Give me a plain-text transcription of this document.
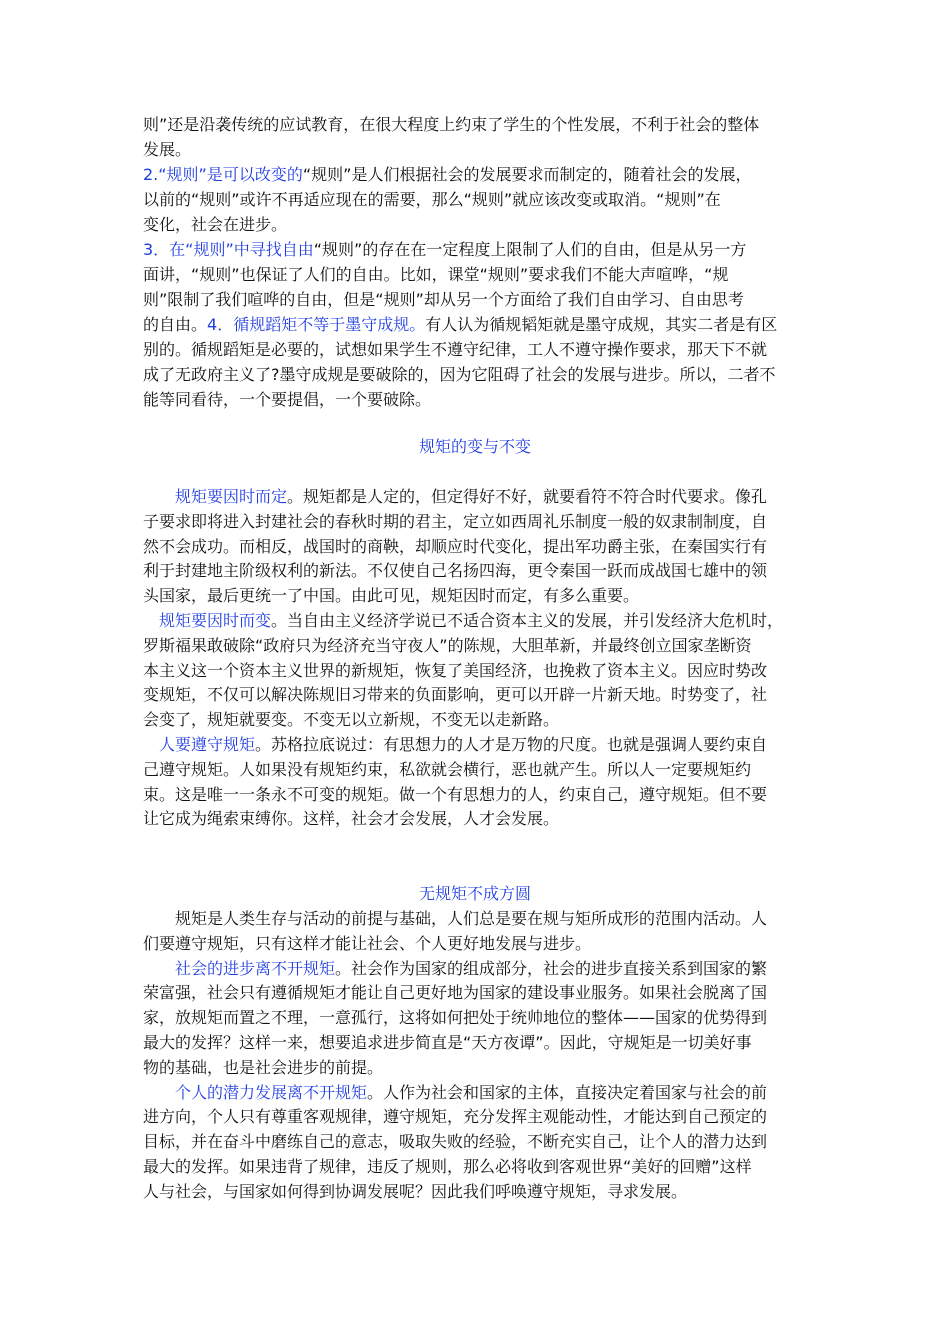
则”还是沿袭传统的应试教育，在很大程度上约束了学生的个性发展，不利于社会的整体
发展。
2.“规则”是可以改变的“规则”是人们根据社会的发展要求而制定的，随着社会的发展，
以前的“规则”或许不再适应现在的需要，那么“规则”就应该改变或取消。“规则”在
变化，社会在进步。
3．在“规则”中寻找自由“规则”的存在在一定程度上限制了人们的自由，但是从另一方
面讲，“规则”也保证了人们的自由。比如，课堂“规则”要求我们不能大声喧哗，“规
则”限制了我们喧哗的自由，但是“规则”却从另一个方面给了我们自由学习、自由思考
的自由。4．循规蹈矩不等于墨守成规。有人认为循规韬矩就是墨守成规，其实二者是有区
别的。循规蹈矩是必要的，试想如果学生不遵守纪律，工人不遵守操作要求，那天下不就
成了无政府主义了?墨守成规是要破除的，因为它阻碍了社会的发展与进步。所以，二者不
能等同看待，一个要提倡，一个要破除。
规矩的变与不变
　　规矩要因时而定。规矩都是人定的，但定得好不好，就要看符不符合时代要求。像孔
子要求即将进入封建社会的春秋时期的君主，定立如西周礼乐制度一般的奴隶制制度，自
然不会成功。而相反，战国时的商鞅，却顺应时代变化，提出军功爵主张，在秦国实行有
利于封建地主阶级权利的新法。不仅使自己名扬四海，更令秦国一跃而成战国七雄中的领
头国家，最后更统一了中国。由此可见，规矩因时而定，有多么重要。
　规矩要因时而变。当自由主义经济学说已不适合资本主义的发展，并引发经济大危机时，
罗斯福果敢破除“政府只为经济充当守夜人”的陈规，大胆革新，并最终创立国家垄断资
本主义这一个资本主义世界的新规矩，恢复了美国经济，也挽救了资本主义。因应时势改
变规矩，不仅可以解决陈规旧习带来的负面影响，更可以开辟一片新天地。时势变了，社
会变了，规矩就要变。不变无以立新规，不变无以走新路。
　人要遵守规矩。苏格拉底说过：有思想力的人才是万物的尺度。也就是强调人要约束自
己遵守规矩。人如果没有规矩约束，私欲就会横行，恶也就产生。所以人一定要规矩约
束。这是唯一一条永不可变的规矩。做一个有思想力的人，约束自己，遵守规矩。但不要
让它成为绳索束缚你。这样，社会才会发展，人才会发展。
无规矩不成方圆
　　规矩是人类生存与活动的前提与基础，人们总是要在规与矩所成形的范围内活动。人
们要遵守规矩，只有这样才能让社会、个人更好地发展与进步。
　　社会的进步离不开规矩。社会作为国家的组成部分，社会的进步直接关系到国家的繁
荣富强，社会只有遵循规矩才能让自己更好地为国家的建设事业服务。如果社会脱离了国
家，放规矩而置之不理，一意孤行，这将如何把处于统帅地位的整体——国家的优势得到
最大的发挥？这样一来，想要追求进步简直是“天方夜谭”。因此，守规矩是一切美好事
物的基础，也是社会进步的前提。
　　个人的潜力发展离不开规矩。人作为社会和国家的主体，直接决定着国家与社会的前
进方向，个人只有尊重客观规律，遵守规矩，充分发挥主观能动性，才能达到自己预定的
目标，并在奋斗中磨练自己的意志，吸取失败的经验，不断充实自己，让个人的潜力达到
最大的发挥。如果违背了规律，违反了规则，那么必将收到客观世界“美好的回赠”这样
人与社会，与国家如何得到协调发展呢？因此我们呼唤遵守规矩，寻求发展。
